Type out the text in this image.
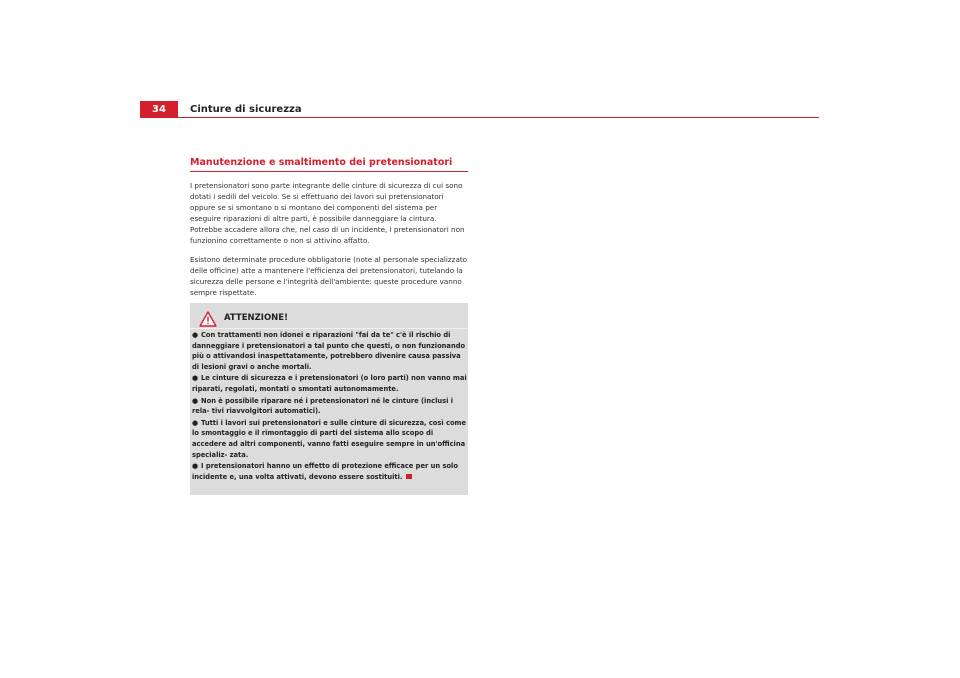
34	Cinture di sicurezza
Manutenzione e smaltimento dei pretensionatori

I pretensionatori sono parte integrante delle cinture di sicurezza di cui sono dotati i sedili del veicolo. Se si effettuano dei lavori sui pretensionatori oppure se si smontano o si montano dei componenti del sistema per eseguire riparazioni di altre parti, è possibile danneggiare la cintura. Potrebbe accadere allora che, nel caso di un incidente, i pretensionatori non funzionino correttamente o non si attivino affatto.

Esistono determinate procedure obbligatorie (note al personale specializzato delle officine) atte a mantenere l'efficienza dei pretensionatori, tutelando la sicurezza delle persone e l'integrità dell'ambiente: queste procedure vanno sempre rispettate.

ATTENZIONE!
● Con trattamenti non idonei e riparazioni "fai da te" c'è il rischio di danneggiare i pretensionatori a tal punto che questi, o non funzionando più o attivandosi inaspettatamente, potrebbero divenire causa passiva di lesioni gravi o anche mortali.
● Le cinture di sicurezza e i pretensionatori (o loro parti) non vanno mai riparati, regolati, montati o smontati autonomamente.
● Non è possibile riparare né i pretensionatori né le cinture (inclusi i rela- tivi riavvolgitori automatici).
● Tutti i lavori sui pretensionatori e sulle cinture di sicurezza, così come lo smontaggio e il rimontaggio di parti del sistema allo scopo di accedere ad altri componenti, vanno fatti eseguire sempre in un'officina specializ- zata.
● I pretensionatori hanno un effetto di protezione efficace per un solo incidente e, una volta attivati, devono essere sostituiti.
